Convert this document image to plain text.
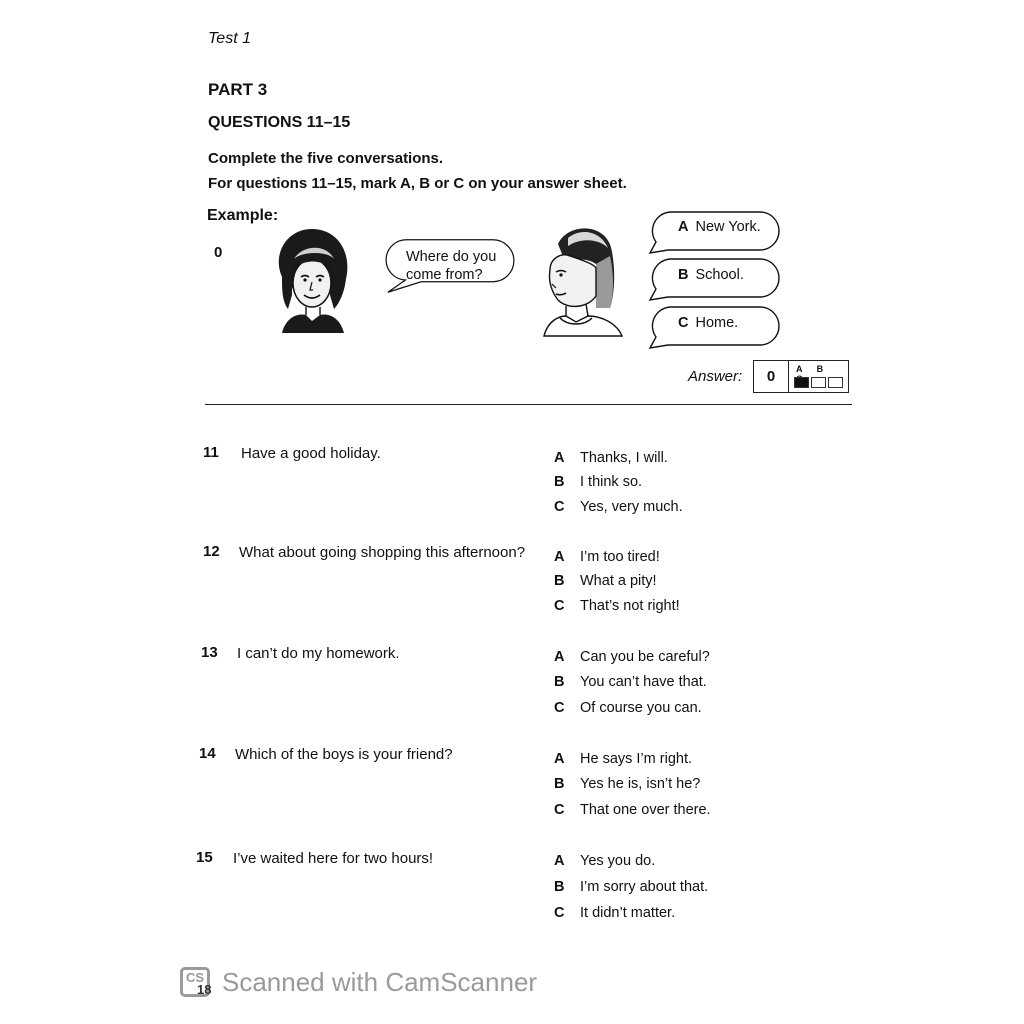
Test 1
PART 3
QUESTIONS 11–15
Complete the five conversations.
For questions 11–15, mark A, B or C on your answer sheet.
Example:
0	Where do you
come from?
A New York.
B School.
C Home.
Answer:	0	A B
11 Have a good holiday.	A Thanks, I will.
B I think so.
C Yes, very much.
12 What about going shopping this afternoon? A I’m too tired!
B What a pity!
C That’s not right!
13 I can’t do my homework.	A Can you be careful?
B You can’t have that.
C Of course you can.
14 Which of the boys is your friend?	A He says I’m right.
B Yes he is, isn’t he?
C That one over there.
15 I’ve waited here for two hours!	A Yes you do.
B I’m sorry about that.
C It didn’t matter.
CS
18 Scanned with CamScanner
